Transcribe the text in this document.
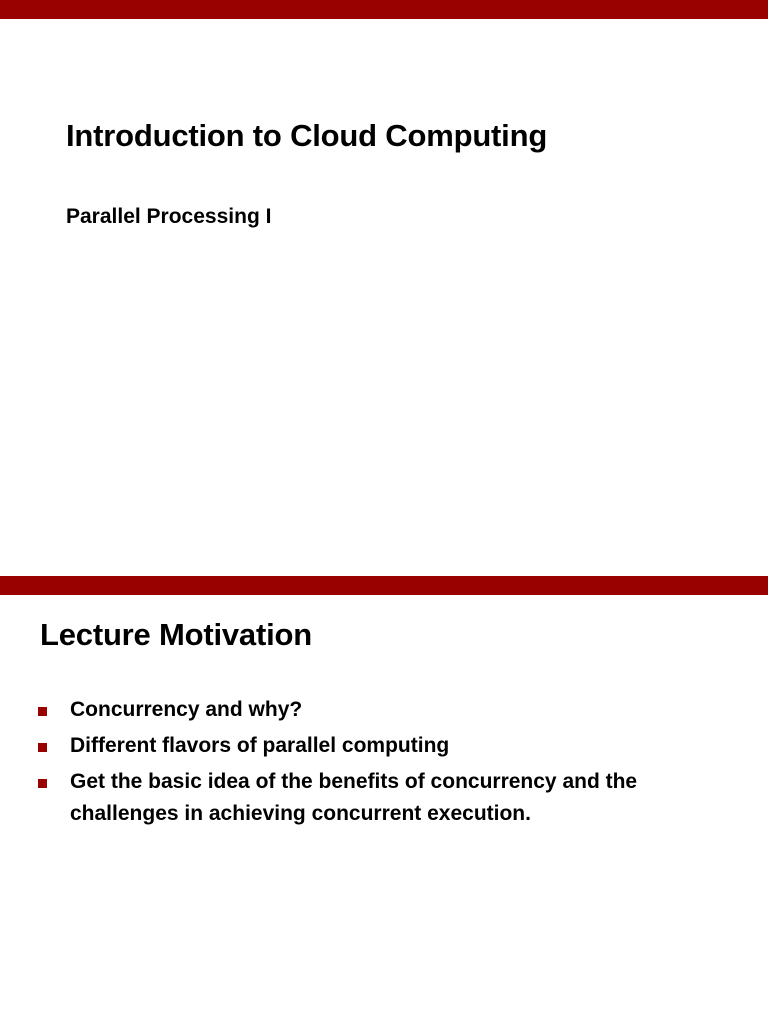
Introduction to Cloud Computing
Parallel Processing I
Lecture Motivation
Concurrency and why?
Different flavors of parallel computing
Get the basic idea of the benefits of concurrency and the challenges in achieving concurrent execution.
